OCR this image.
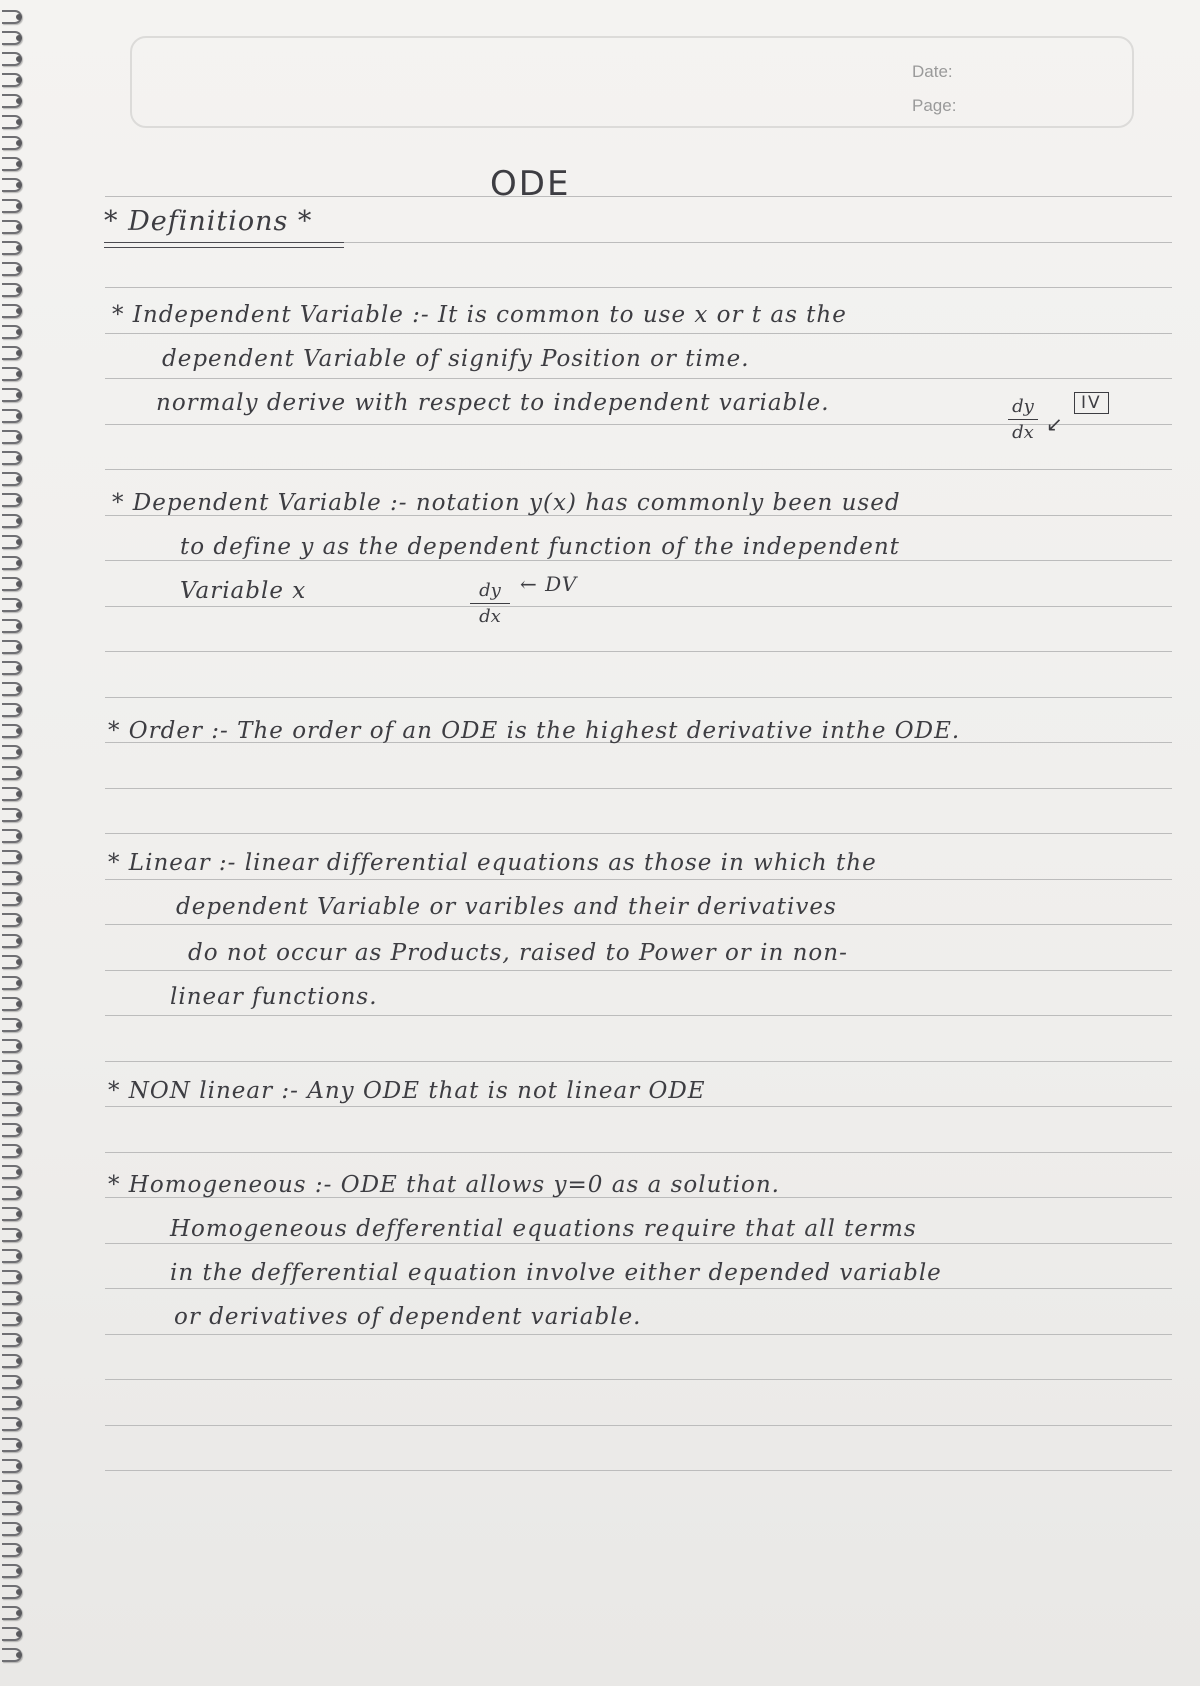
Date:
Page:
ODE
* Definitions *
* Independent Variable :- It is common to use x or t as the
dependent Variable of signify Position or time.
normaly derive with respect to independent variable.	dy
dx ↙
IV
* Dependent Variable :- notation y(x) has commonly been used
to define y as the dependent function of the independent
Variable x	dy
dx
← DV
* Order :- The order of an ODE is the highest derivative inthe ODE.
* Linear :- linear differential equations as those in which the
dependent Variable or varibles and their derivatives
do not occur as Products, raised to Power or in non-
linear functions.
* NON linear :- Any ODE that is not linear ODE
* Homogeneous :- ODE that allows y=0 as a solution.
Homogeneous defferential equations require that all terms
in the defferential equation involve either depended variable
or derivatives of dependent variable.
